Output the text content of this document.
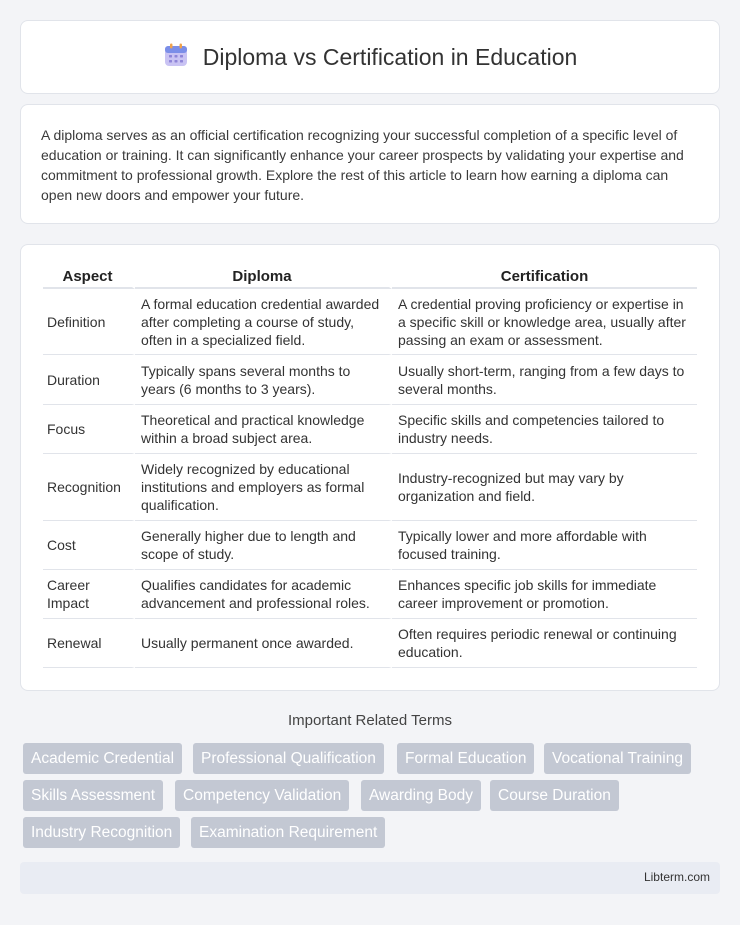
Diploma vs Certification in Education

A diploma serves as an official certification recognizing your successful completion of a specific level of education or training. It can significantly enhance your career prospects by validating your expertise and commitment to professional growth. Explore the rest of this article to learn how earning a diploma can open new doors and empower your future.

Aspect	Diploma	Certification
Definition	A formal education credential awarded after completing a course of study, often in a specialized field.	A credential proving proficiency or expertise in a specific skill or knowledge area, usually after passing an exam or assessment.
Duration	Typically spans several months to years (6 months to 3 years).	Usually short-term, ranging from a few days to several months.
Focus	Theoretical and practical knowledge within a broad subject area.	Specific skills and competencies tailored to industry needs.
Recognition	Widely recognized by educational institutions and employers as formal qualification.	Industry-recognized but may vary by organization and field.
Cost	Generally higher due to length and scope of study.	Typically lower and more affordable with focused training.
Career Impact	Qualifies candidates for academic advancement and professional roles.	Enhances specific job skills for immediate career improvement or promotion.
Renewal	Usually permanent once awarded.	Often requires periodic renewal or continuing education.
Important Related Terms
Academic Credential	Professional Qualification	Formal Education	Vocational Training
Skills Assessment	Competency Validation	Awarding Body	Course Duration
Industry Recognition	Examination Requirement
Libterm.com
